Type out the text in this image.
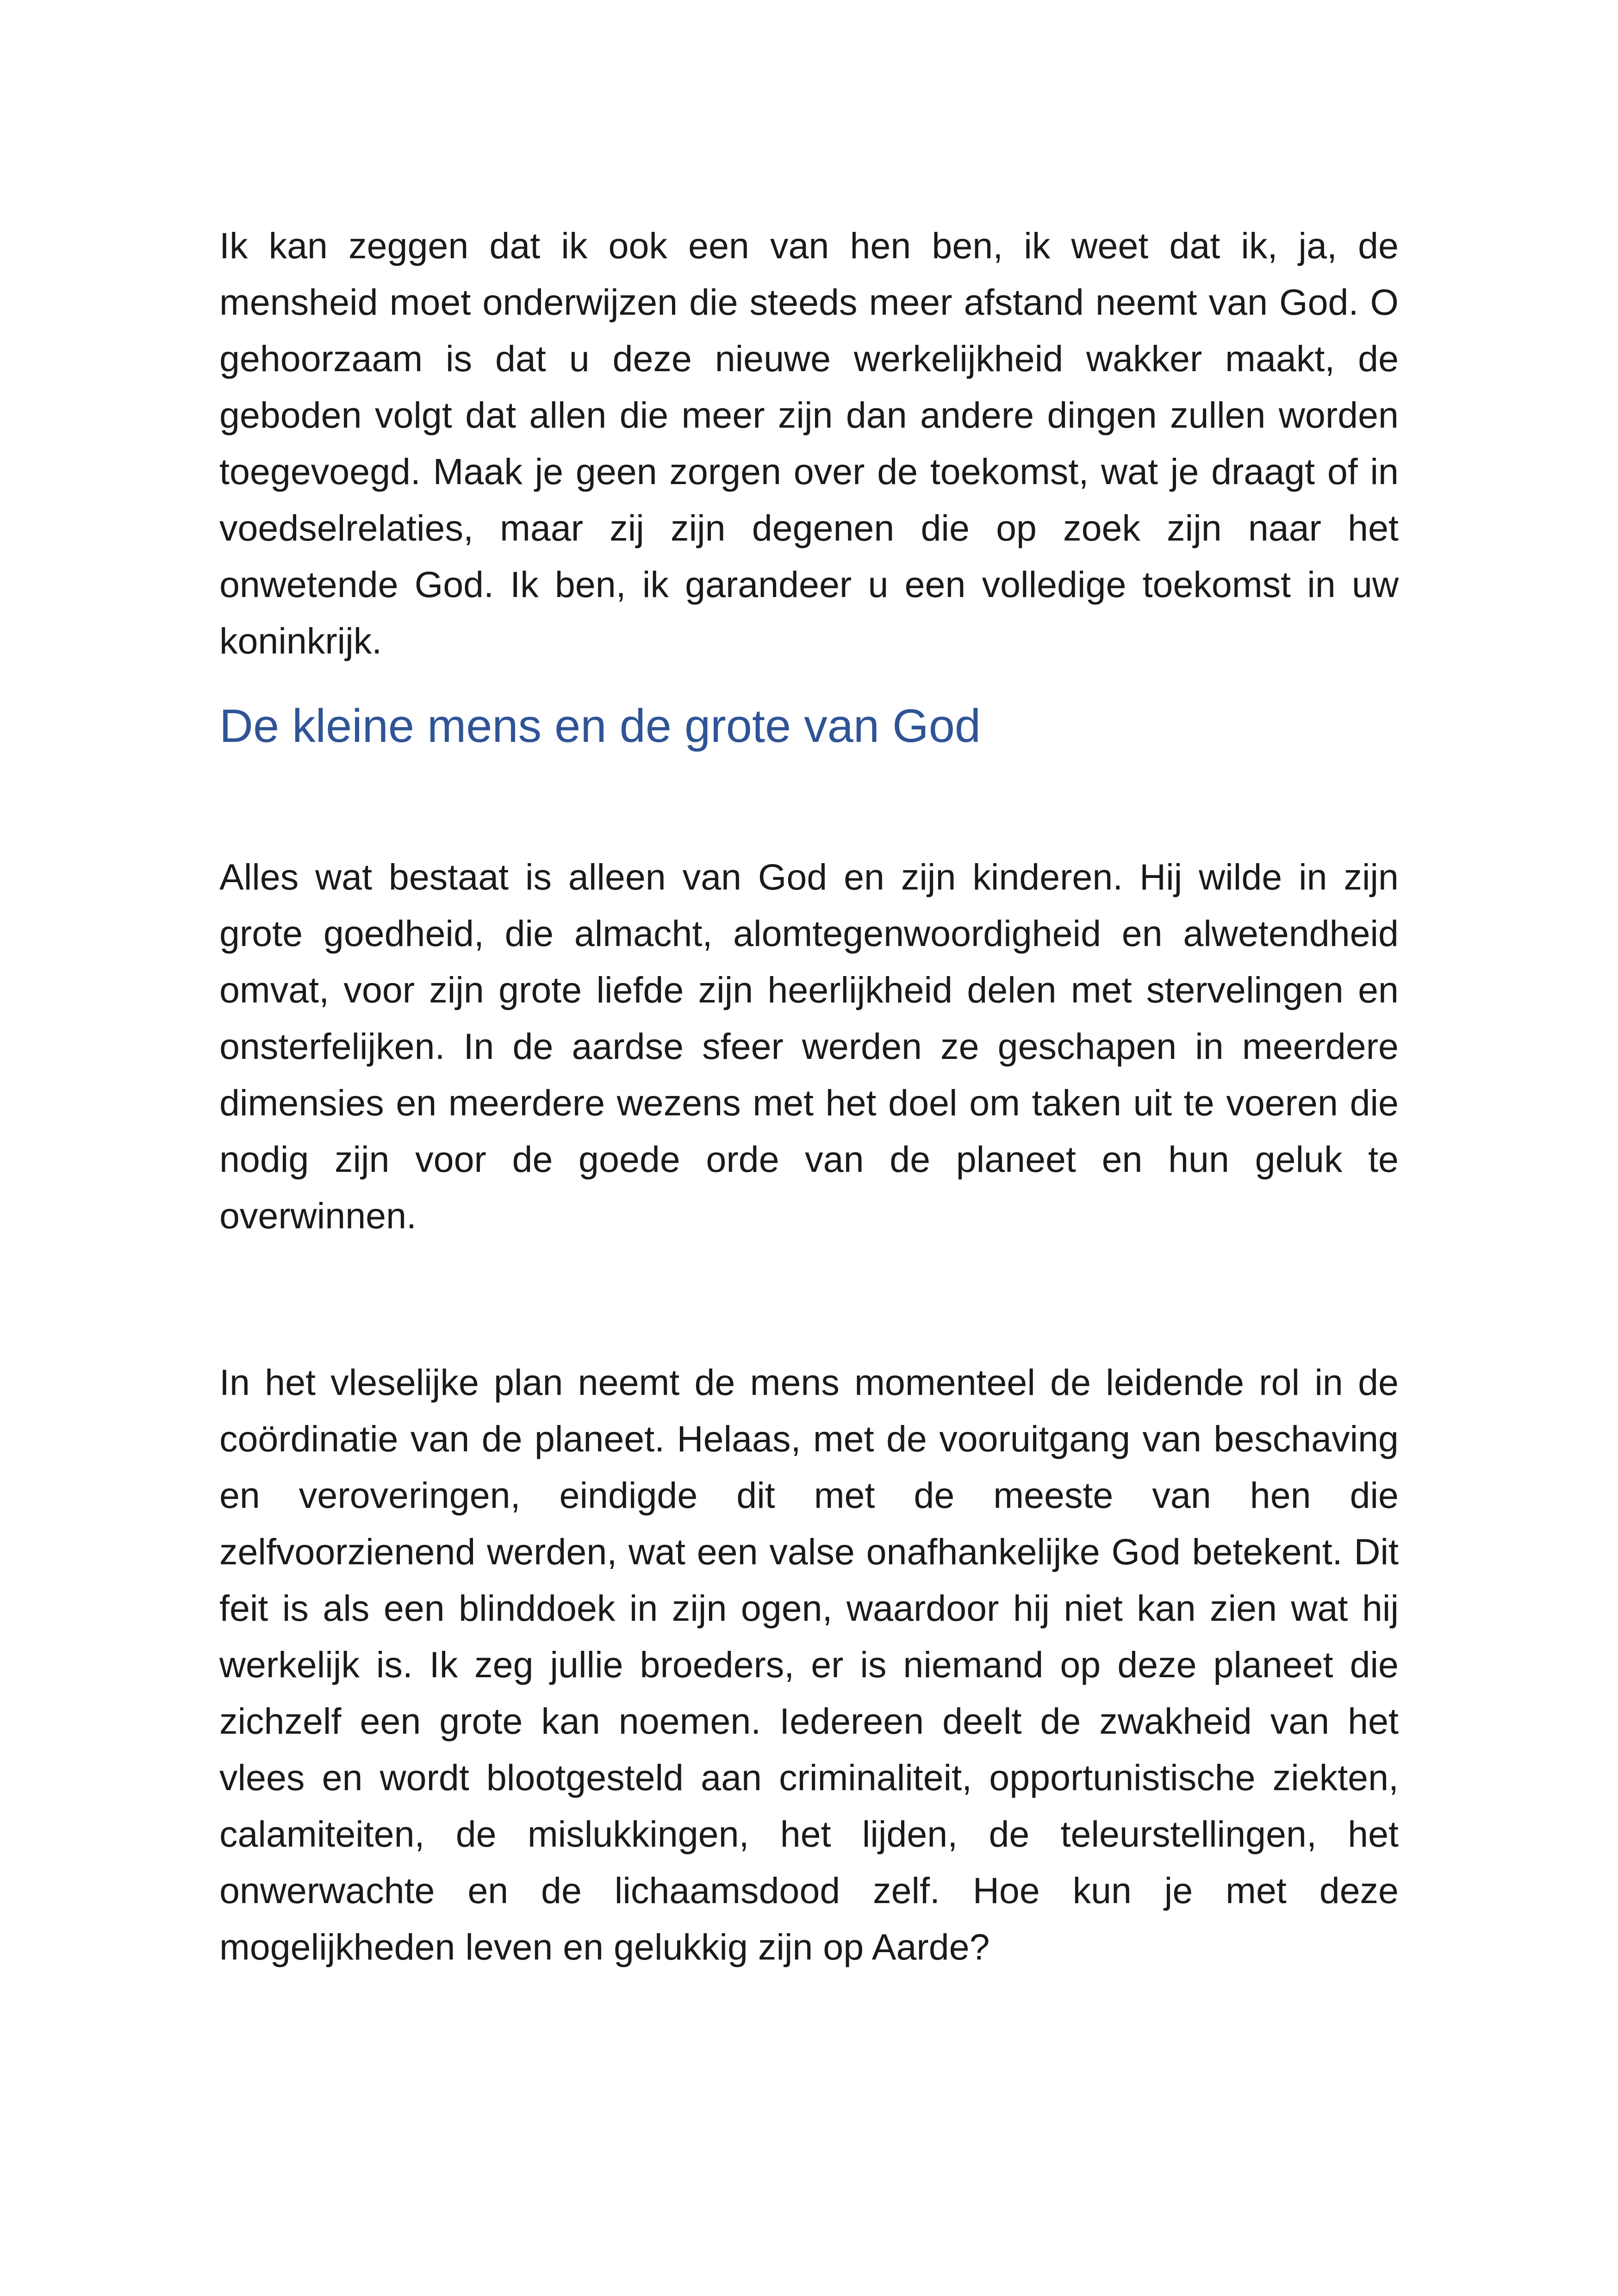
Ik kan zeggen dat ik ook een van hen ben, ik weet dat ik, ja, de mensheid moet onderwijzen die steeds meer afstand neemt van God. O gehoorzaam is dat u deze nieuwe werkelijkheid wakker maakt, de geboden volgt dat allen die meer zijn dan andere dingen zullen worden toegevoegd. Maak je geen zorgen over de toekomst, wat je draagt of in voedselrelaties, maar zij zijn degenen die op zoek zijn naar het onwetende God. Ik ben, ik garandeer u een volledige toekomst in uw koninkrijk.

De kleine mens en de grote van God

Alles wat bestaat is alleen van God en zijn kinderen. Hij wilde in zijn grote goedheid, die almacht, alomtegenwoordigheid en alwetendheid omvat, voor zijn grote liefde zijn heerlijkheid delen met stervelingen en onsterfelijken. In de aardse sfeer werden ze geschapen in meerdere dimensies en meerdere wezens met het doel om taken uit te voeren die nodig zijn voor de goede orde van de planeet en hun geluk te overwinnen.

In het vleselijke plan neemt de mens momenteel de leidende rol in de coördinatie van de planeet. Helaas, met de vooruitgang van beschaving en veroveringen, eindigde dit met de meeste van hen die zelfvoorzienend werden, wat een valse onafhankelijke God betekent. Dit feit is als een blinddoek in zijn ogen, waardoor hij niet kan zien wat hij werkelijk is. Ik zeg jullie broeders, er is niemand op deze planeet die zichzelf een grote kan noemen. Iedereen deelt de zwakheid van het vlees en wordt blootgesteld aan criminaliteit, opportunistische ziekten, calamiteiten, de mislukkingen, het lijden, de teleurstellingen, het onwerwachte en de lichaamsdood zelf. Hoe kun je met deze mogelijkheden leven en gelukkig zijn op Aarde?
